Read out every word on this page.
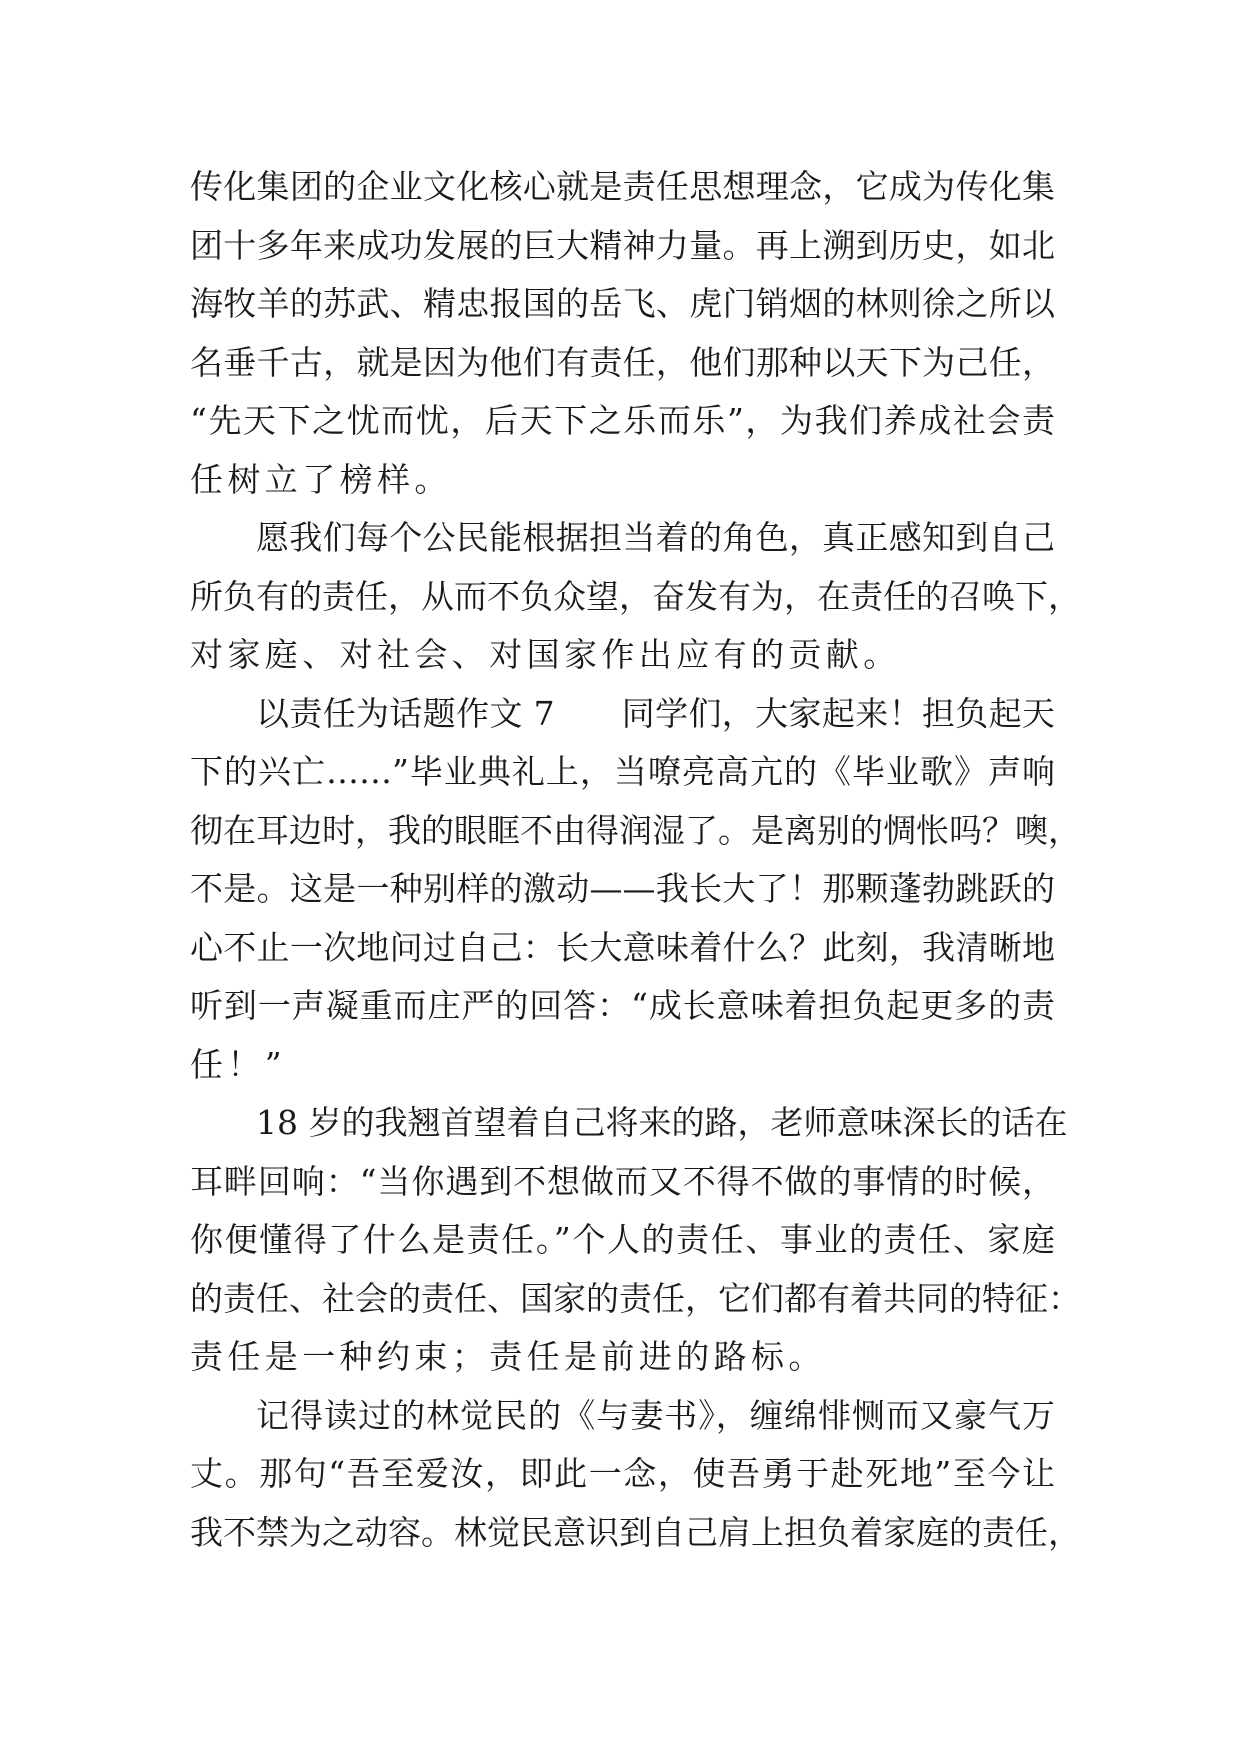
传化集团的企业文化核心就是责任思想理念，它成为传化集
团十多年来成功发展的巨大精神力量。再上溯到历史，如北
海牧羊的苏武、精忠报国的岳飞、虎门销烟的林则徐之所以
名垂千古，就是因为他们有责任，他们那种以天下为己任，
“先天下之忧而忧，后天下之乐而乐”，为我们养成社会责
任树立了榜样。
愿我们每个公民能根据担当着的角色，真正感知到自己
所负有的责任，从而不负众望，奋发有为，在责任的召唤下，
对家庭、对社会、对国家作出应有的贡献。
以责任为话题作文 7　　同学们，大家起来！担负起天
下的兴亡……”毕业典礼上，当嘹亮高亢的《毕业歌》声响
彻在耳边时，我的眼眶不由得润湿了。是离别的惆怅吗？噢，
不是。这是一种别样的激动——我长大了！那颗蓬勃跳跃的
心不止一次地问过自己：长大意味着什么？此刻，我清晰地
听到一声凝重而庄严的回答：“成长意味着担负起更多的责
任！”
18 岁的我翘首望着自己将来的路，老师意味深长的话在
耳畔回响：“当你遇到不想做而又不得不做的事情的时候，
你便懂得了什么是责任。”个人的责任、事业的责任、家庭
的责任、社会的责任、国家的责任，它们都有着共同的特征：
责任是一种约束；责任是前进的路标。
记得读过的林觉民的《与妻书》，缠绵悱恻而又豪气万
丈。那句“吾至爱汝，即此一念，使吾勇于赴死地”至今让
我不禁为之动容。林觉民意识到自己肩上担负着家庭的责任，
